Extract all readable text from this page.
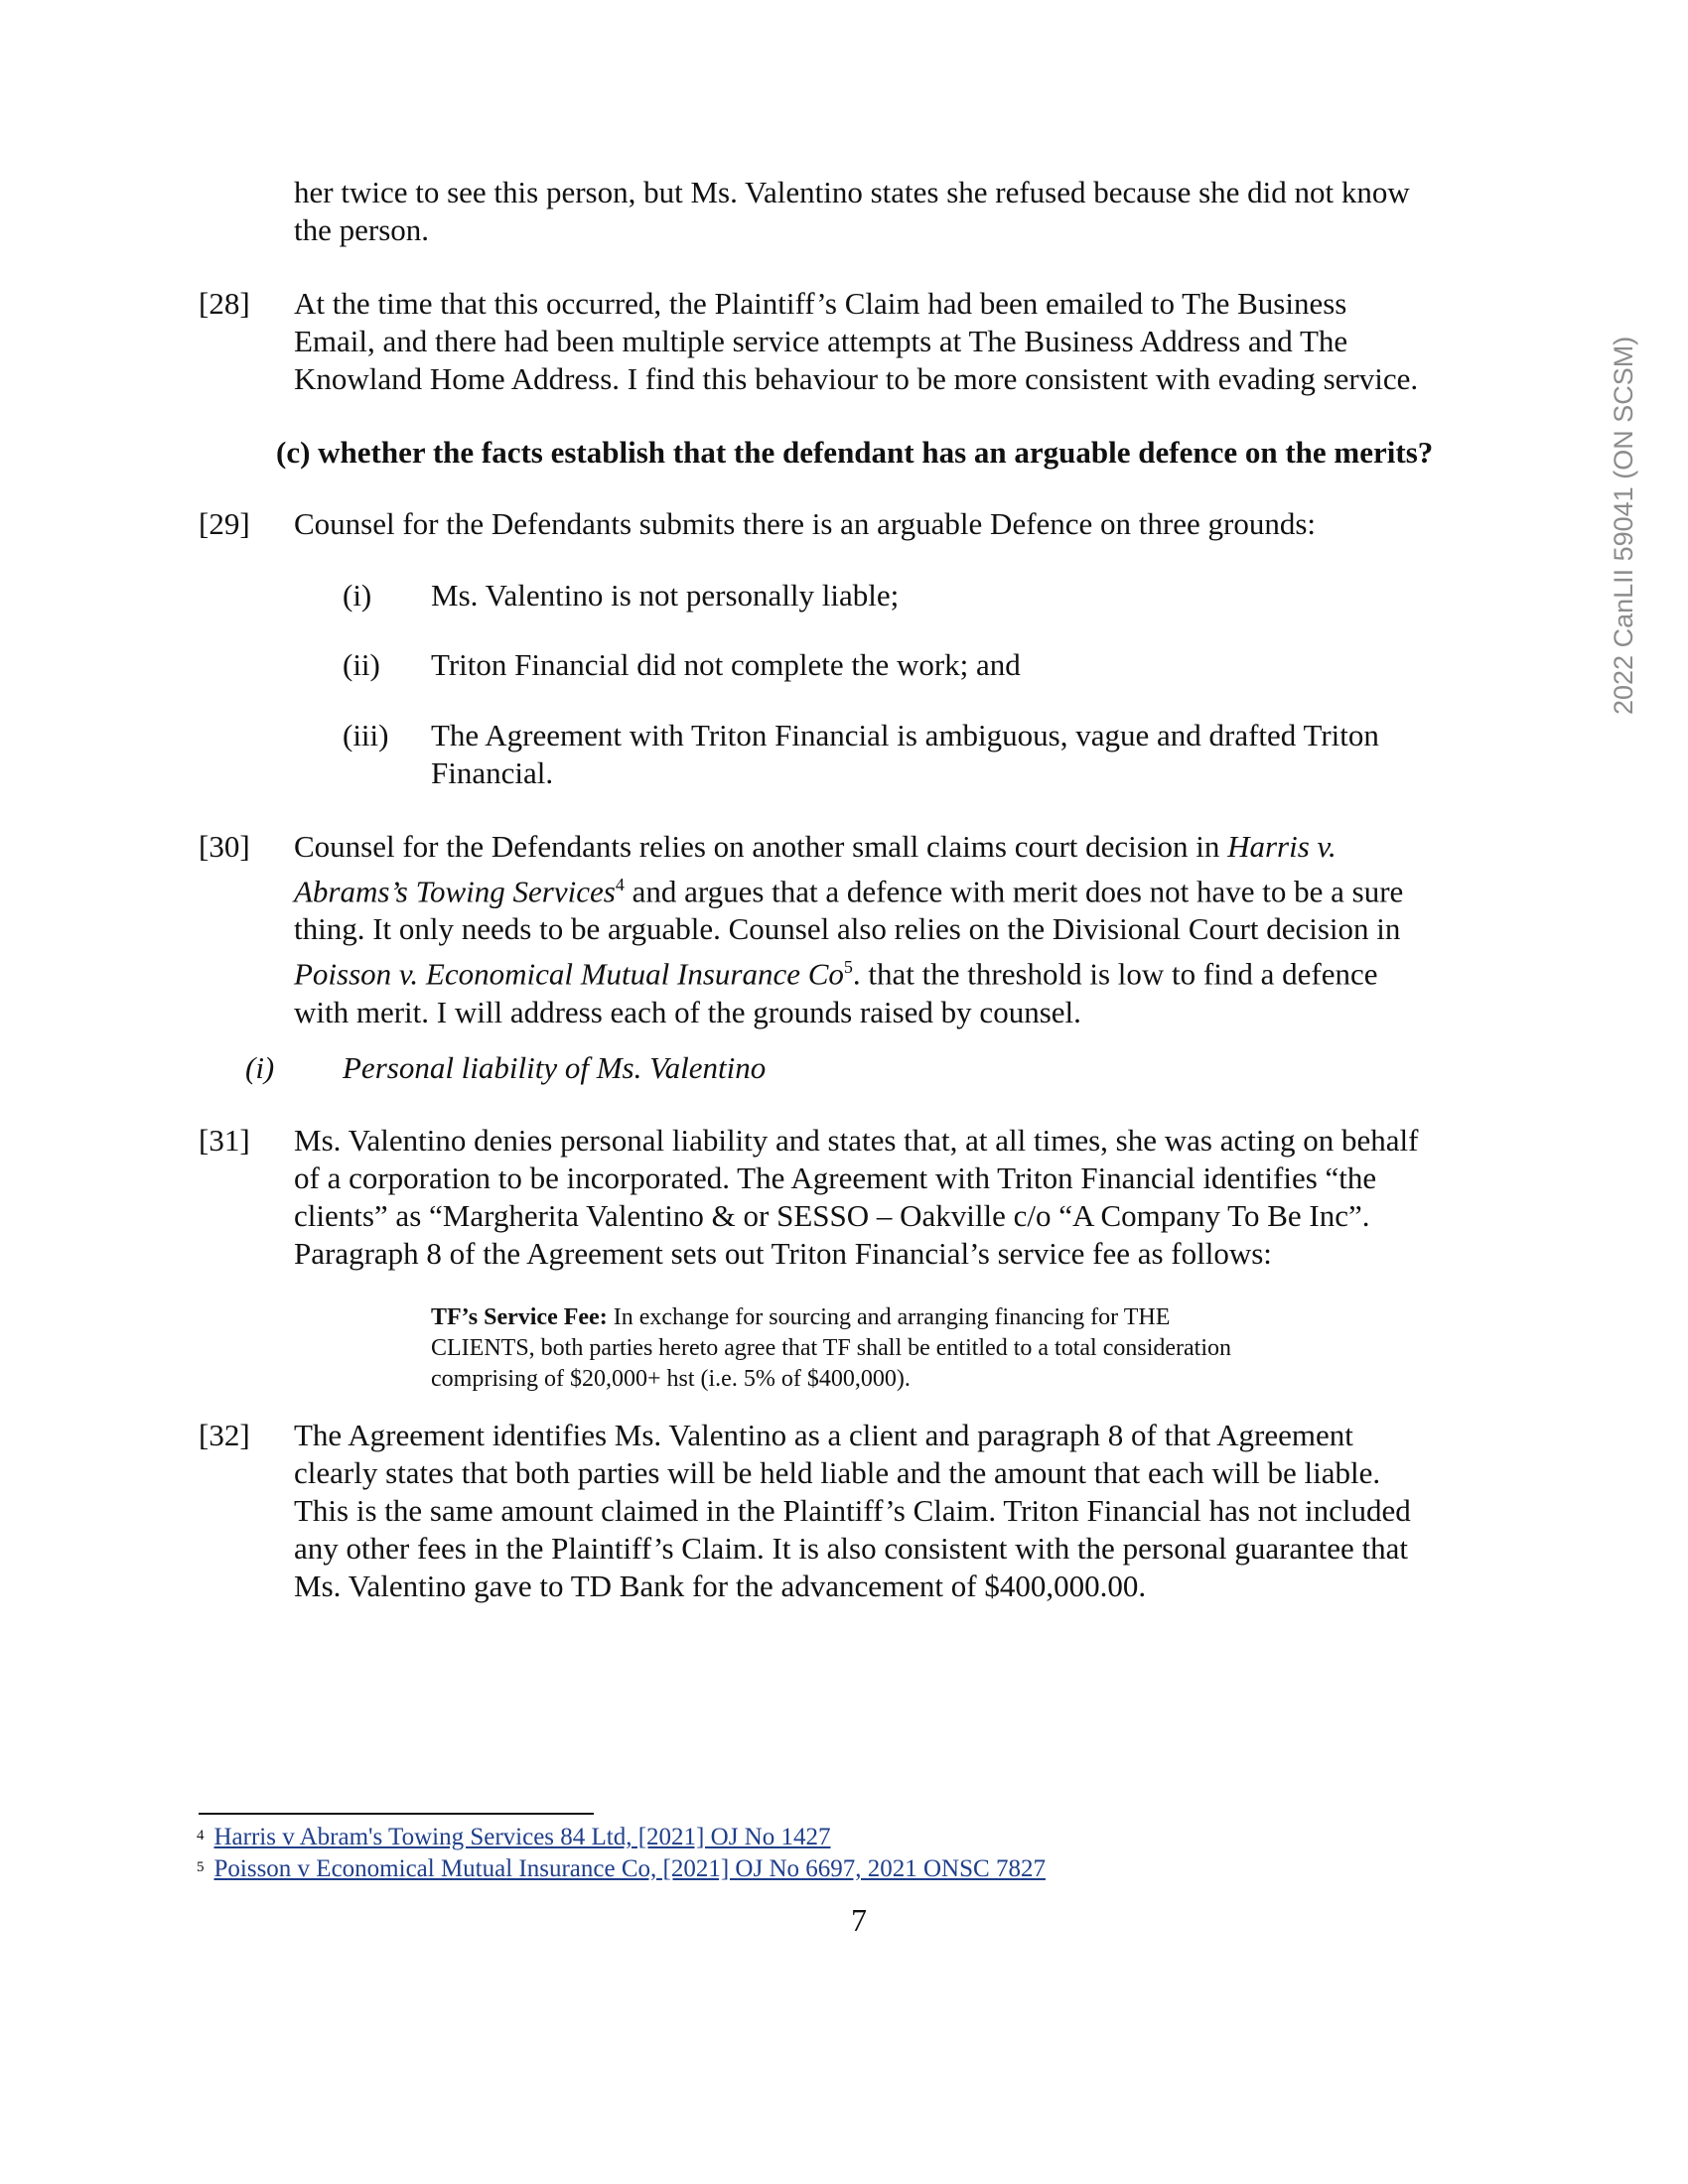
2022 CanLII 59041 (ON SCSM)
her twice to see this person, but Ms. Valentino states she refused because she did not know
the person.
[28] At the time that this occurred, the Plaintiff’s Claim had been emailed to The Business
Email, and there had been multiple service attempts at The Business Address and The
Knowland Home Address. I find this behaviour to be more consistent with evading service.
(c) whether the facts establish that the defendant has an arguable defence on the merits?
[29] Counsel for the Defendants submits there is an arguable Defence on three grounds:
(i) Ms. Valentino is not personally liable;
(ii) Triton Financial did not complete the work; and
(iii) The Agreement with Triton Financial is ambiguous, vague and drafted Triton
Financial.
[30] Counsel for the Defendants relies on another small claims court decision in Harris v.
Abrams’s Towing Services$^4$ and argues that a defence with merit does not have to be a sure
thing. It only needs to be arguable. Counsel also relies on the Divisional Court decision in
Poisson v. Economical Mutual Insurance Co$^5$. that the threshold is low to find a defence
with merit. I will address each of the grounds raised by counsel.
(i) Personal liability of Ms. Valentino
[31] Ms. Valentino denies personal liability and states that, at all times, she was acting on behalf
of a corporation to be incorporated. The Agreement with Triton Financial identifies “the
clients” as “Margherita Valentino & or SESSO – Oakville c/o “A Company To Be Inc”.
Paragraph 8 of the Agreement sets out Triton Financial’s service fee as follows:
TF’s Service Fee: In exchange for sourcing and arranging financing for THE
CLIENTS, both parties hereto agree that TF shall be entitled to a total consideration
comprising of $20,000+ hst (i.e. 5% of $400,000).
[32] The Agreement identifies Ms. Valentino as a client and paragraph 8 of that Agreement
clearly states that both parties will be held liable and the amount that each will be liable.
This is the same amount claimed in the Plaintiff’s Claim. Triton Financial has not included
any other fees in the Plaintiff’s Claim. It is also consistent with the personal guarantee that
Ms. Valentino gave to TD Bank for the advancement of $400,000.00.
$^4$ Harris v Abram's Towing Services 84 Ltd, [2021] OJ No 1427
$^5$ Poisson v Economical Mutual Insurance Co, [2021] OJ No 6697, 2021 ONSC 7827
7
